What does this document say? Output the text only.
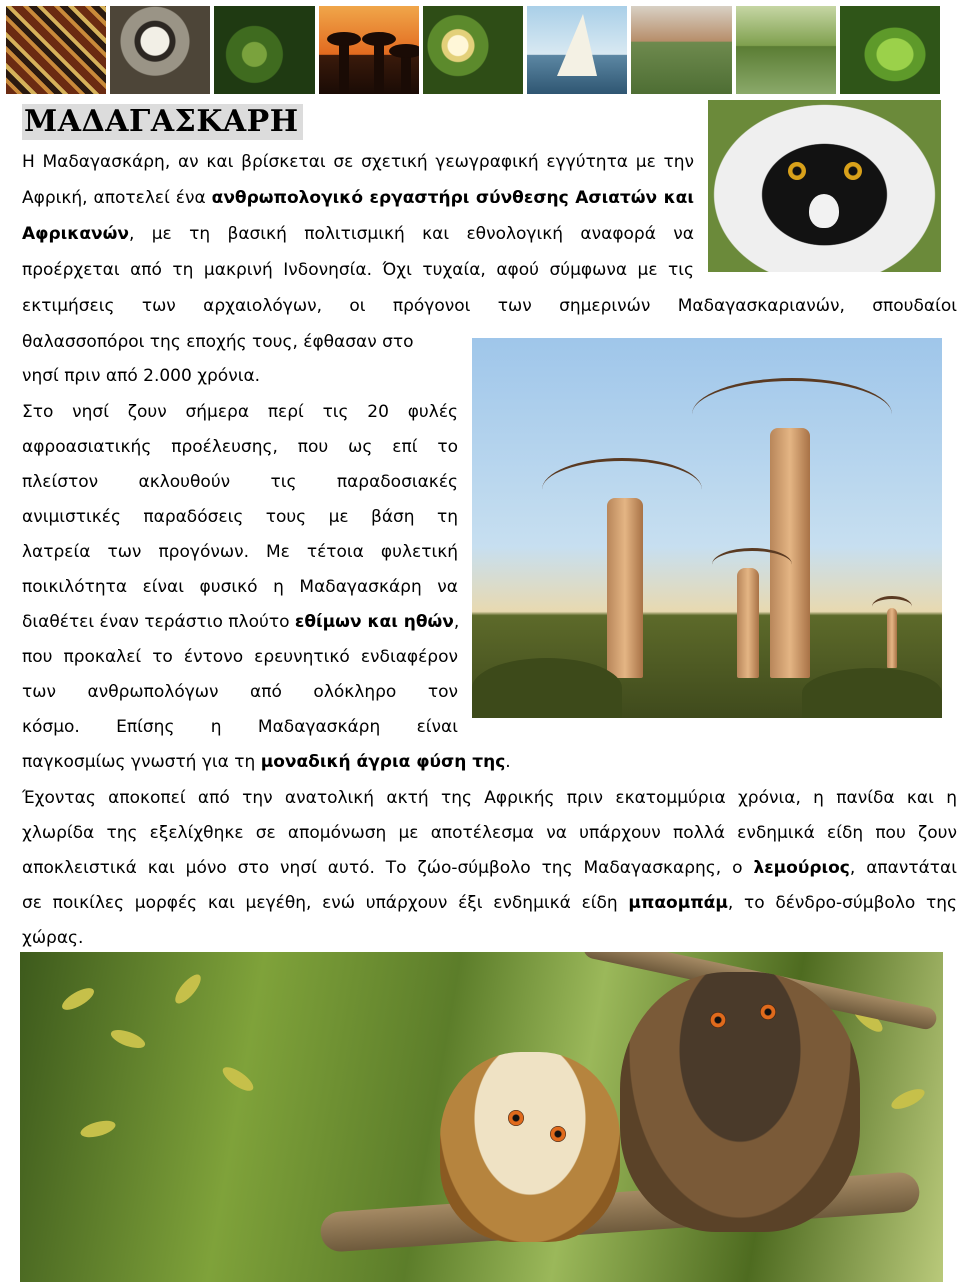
ΜΑΔΑΓΑΣΚΑΡΗ

Η Μαδαγασκάρη, αν και βρίσκεται σε σχετική γεωγραφική εγγύτητα με την

Αφρική, αποτελεί ένα ανθρωπολογικό εργαστήρι σύνθεσης Ασιατών και

Αφρικανών, με τη βασική πολιτισμική και εθνολογική αναφορά να

προέρχεται από τη μακρινή Ινδονησία. Όχι τυχαία, αφού σύμφωνα με τις

εκτιμήσεις των αρχαιολόγων, οι πρόγονοι των σημερινών Μαδαγασκαριανών, σπουδαίοι

θαλασσοπόροι της εποχής τους, έφθασαν στο

νησί πριν από 2.000 χρόνια.

Στο νησί ζουν σήμερα περί τις 20 φυλές

αφροασιατικής προέλευσης, που ως επί το

πλείστον ακλουθούν τις παραδοσιακές

ανιμιστικές παραδόσεις τους με βάση τη

λατρεία των προγόνων. Με τέτοια φυλετική

ποικιλότητα είναι φυσικό η Μαδαγασκάρη να

διαθέτει έναν τεράστιο πλούτο εθίμων και ηθών,

που προκαλεί το έντονο ερευνητικό ενδιαφέρον

των ανθρωπολόγων από ολόκληρο τον

κόσμο. Επίσης η Μαδαγασκάρη είναι

παγκοσμίως γνωστή για τη μοναδική άγρια φύση της.

Έχοντας αποκοπεί από την ανατολική ακτή της Αφρικής πριν εκατομμύρια χρόνια, η πανίδα και η

χλωρίδα της εξελίχθηκε σε απομόνωση με αποτέλεσμα να υπάρχουν πολλά ενδημικά είδη που ζουν

αποκλειστικά και μόνο στο νησί αυτό. Το ζώο-σύμβολο της Μαδαγασκαρης, ο λεμούριος, απαντάται

σε ποικίλες μορφές και μεγέθη, ενώ υπάρχουν έξι ενδημικά είδη μπαομπάμ, το δένδρο-σύμβολο της

χώρας.
